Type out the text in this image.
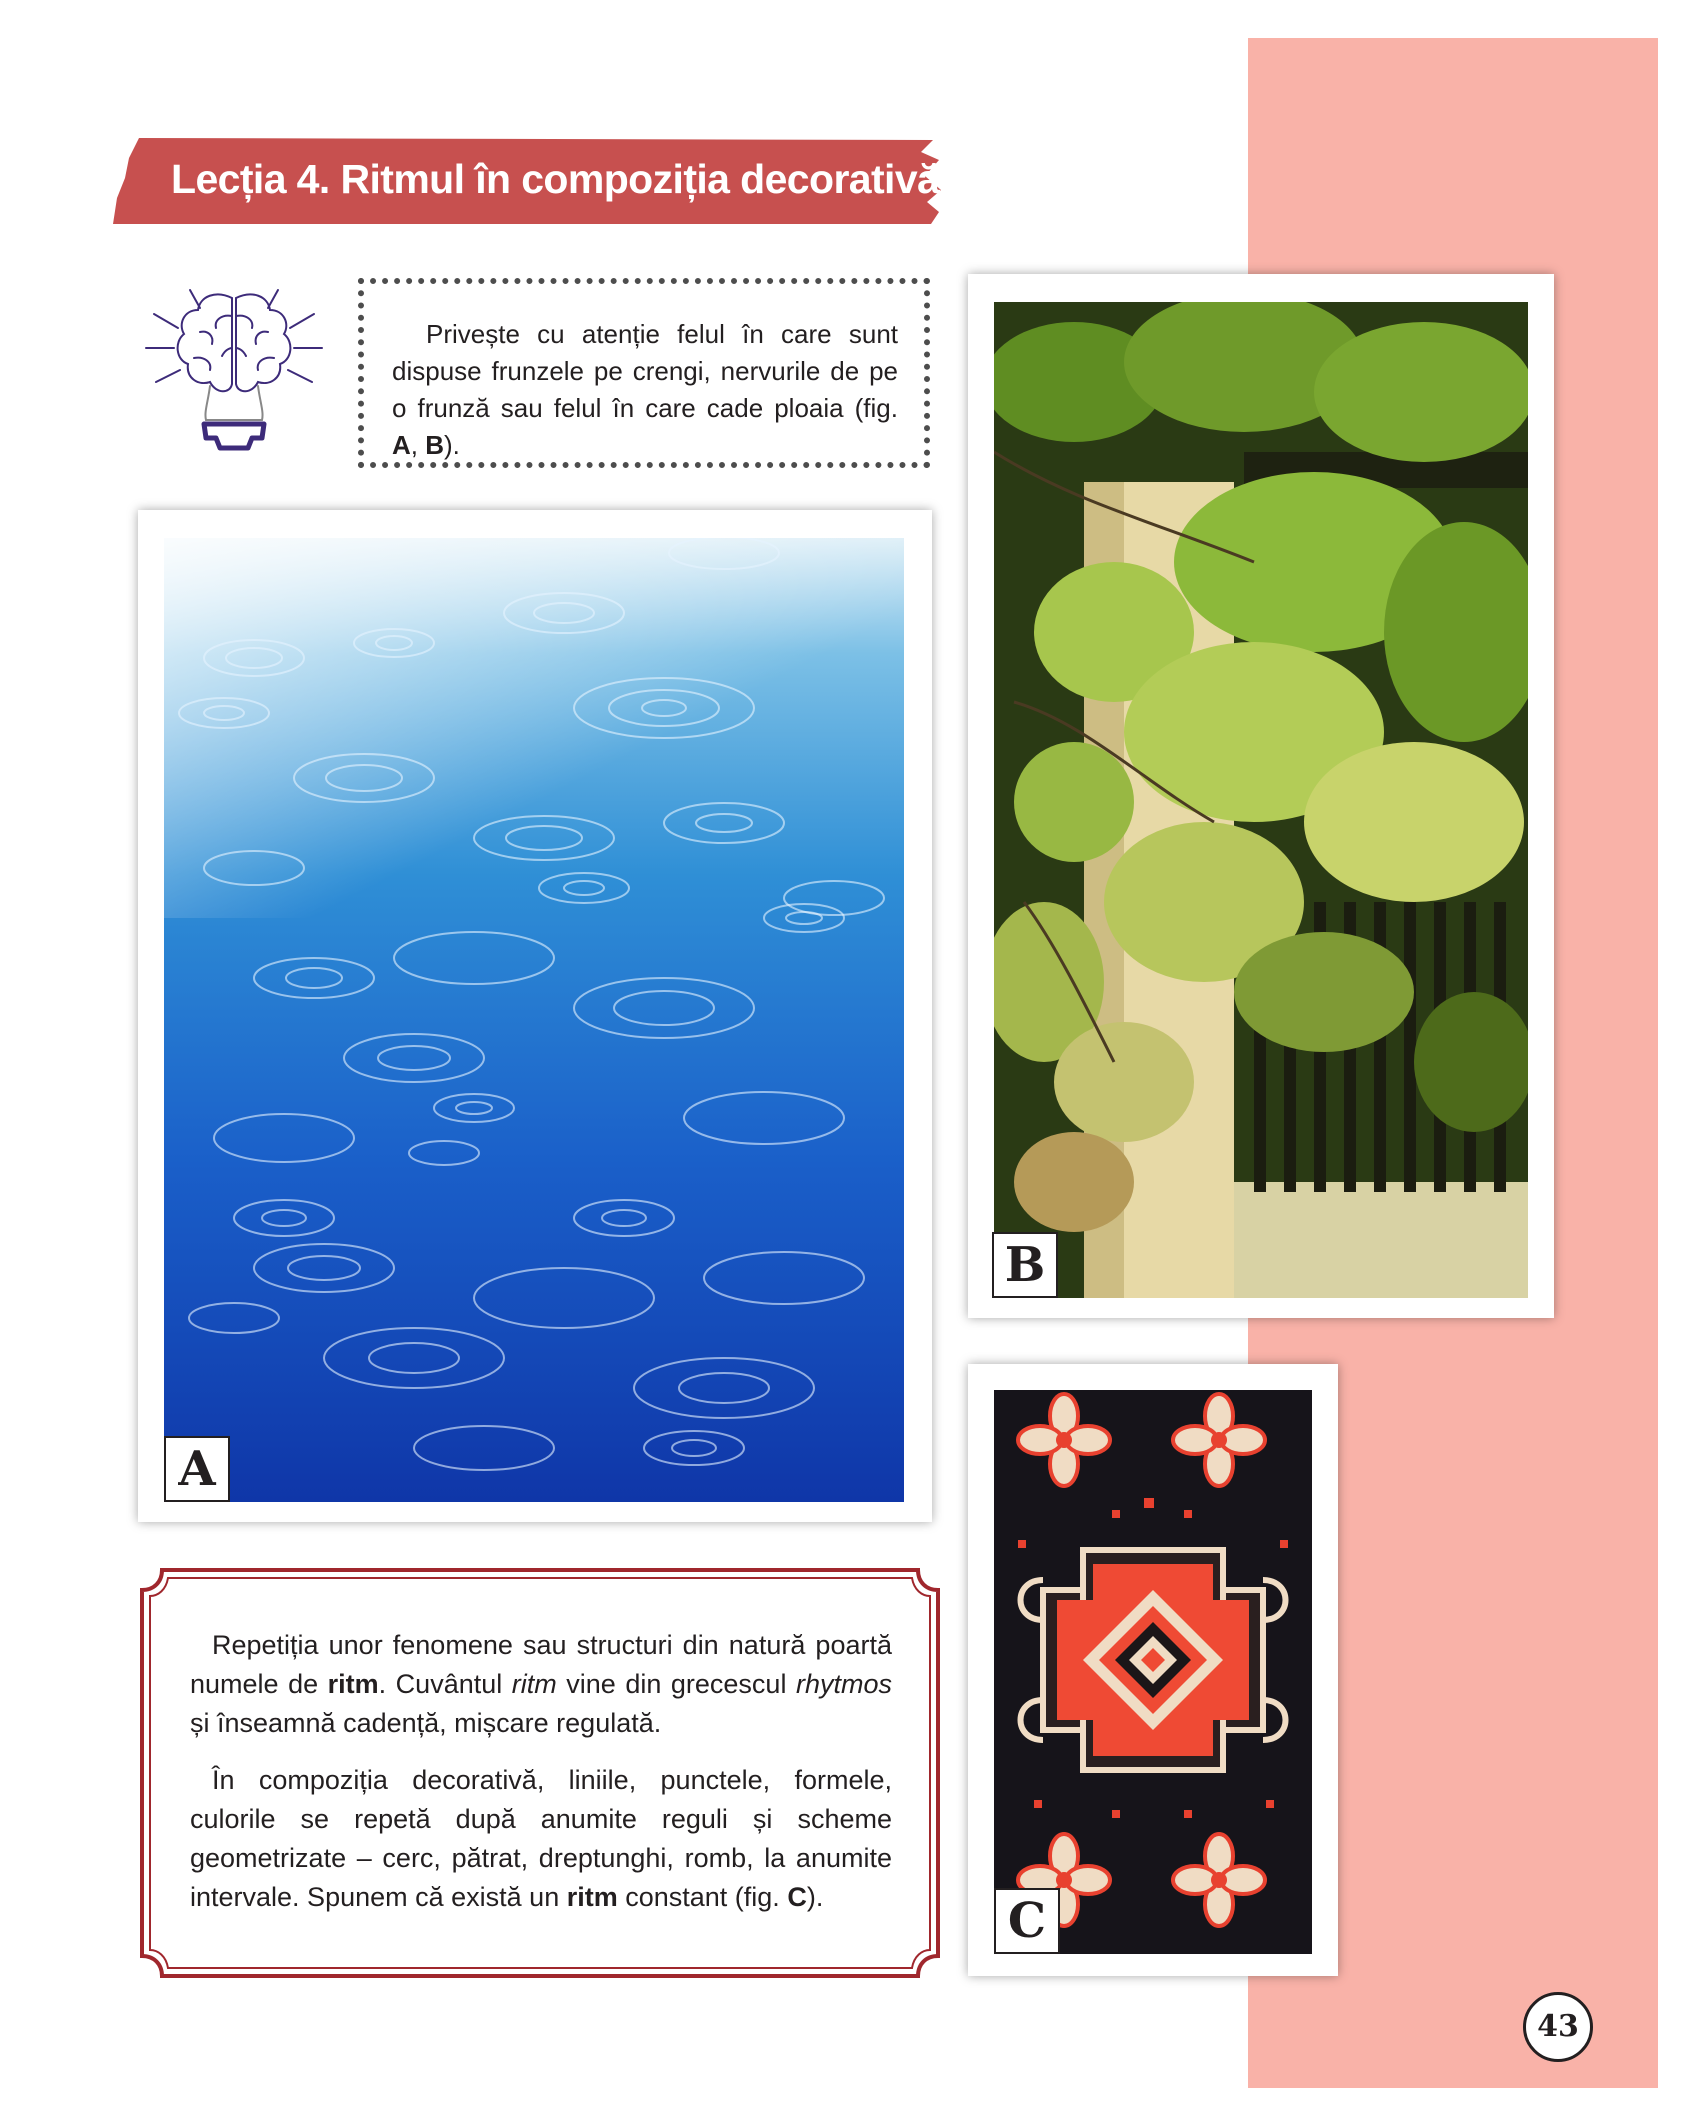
Lecția 4. Ritmul în compoziția decorativă

Privește cu atenție felul în care sunt dispuse frunzele pe crengi, nervurile de pe o frunză sau felul în care cade ploaia (fig. A, B).

A
B
C

Repetiția unor fenomene sau structuri din natură poartă numele de ritm. Cuvântul ritm vine din grecescul rhytmos și înseamnă cadență, mișcare regulată.

În compoziția decorativă, liniile, punctele, formele, culorile se repetă după anumite reguli și scheme geometrizate – cerc, pătrat, dreptunghi, romb, la anumite intervale. Spunem că există un ritm constant (fig. C).

43
